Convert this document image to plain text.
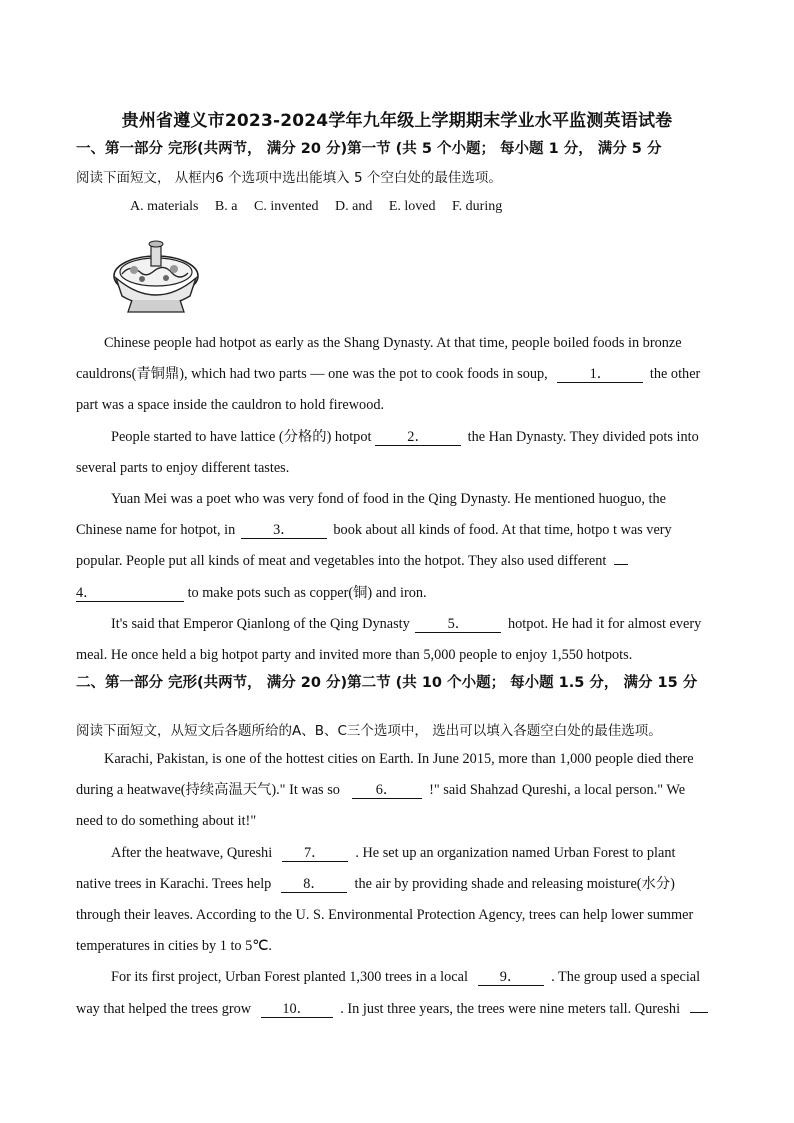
贵州省遵义市2023-2024学年九年级上学期期末学业水平监测英语试卷
一、第一部分 完形(共两节， 满分 20 分)第一节 (共 5 个小题； 每小题 1 分， 满分 5 分
阅读下面短文， 从框内6 个选项中选出能填入 5 个空白处的最佳选项。
A. materials B. a C. invented D. and E. loved F. during
Chinese people had hotpot as early as the Shang Dynasty. At that time, people boiled foods in bronze
cauldrons(青铜鼎), which had two parts — one was the pot to cook foods in soup,	1．	the other
part was a space inside the cauldron to hold firewood.
People started to have lattice (分格的) hotpot	2．	the Han Dynasty. They divided pots into
several parts to enjoy different tastes.
Yuan Mei was a poet who was very fond of food in the Qing Dynasty. He mentioned huoguo, the
Chinese name for hotpot, in	3．	book about all kinds of food. At that time, hotpo t was very
popular. People put all kinds of meat and vegetables into the hotpot. They also used different
4．	to make pots such as copper(铜) and iron.
It's said that Emperor Qianlong of the Qing Dynasty	5．	hotpot. He had it for almost every
meal. He once held a big hotpot party and invited more than 5,000 people to enjoy 1,550 hotpots.
二、第一部分 完形(共两节， 满分 20 分)第二节 (共 10 个小题； 每小题 1.5 分， 满分 15 分
阅读下面短文，从短文后各题所给的A、B、C三个选项中， 选出可以填入各题空白处的最佳选项。
Karachi, Pakistan, is one of the hottest cities on Earth. In June 2015, more than 1,000 people died there
during a heatwave(持续高温天气)." It was so	6． !" said Shahzad Qureshi, a local person." We
need to do something about it!"
After the heatwave, Qureshi 7． . He set up an organization named Urban Forest to plant
native trees in Karachi. Trees help 8． the air by providing shade and releasing moisture(水分)
through their leaves. According to the U. S. Environmental Protection Agency, trees can help lower summer
temperatures in cities by 1 to 5℃.
For its first project, Urban Forest planted 1,300 trees in a local 9． . The group used a special
way that helped the trees grow 10． . In just three years, the trees were nine meters tall. Qureshi
